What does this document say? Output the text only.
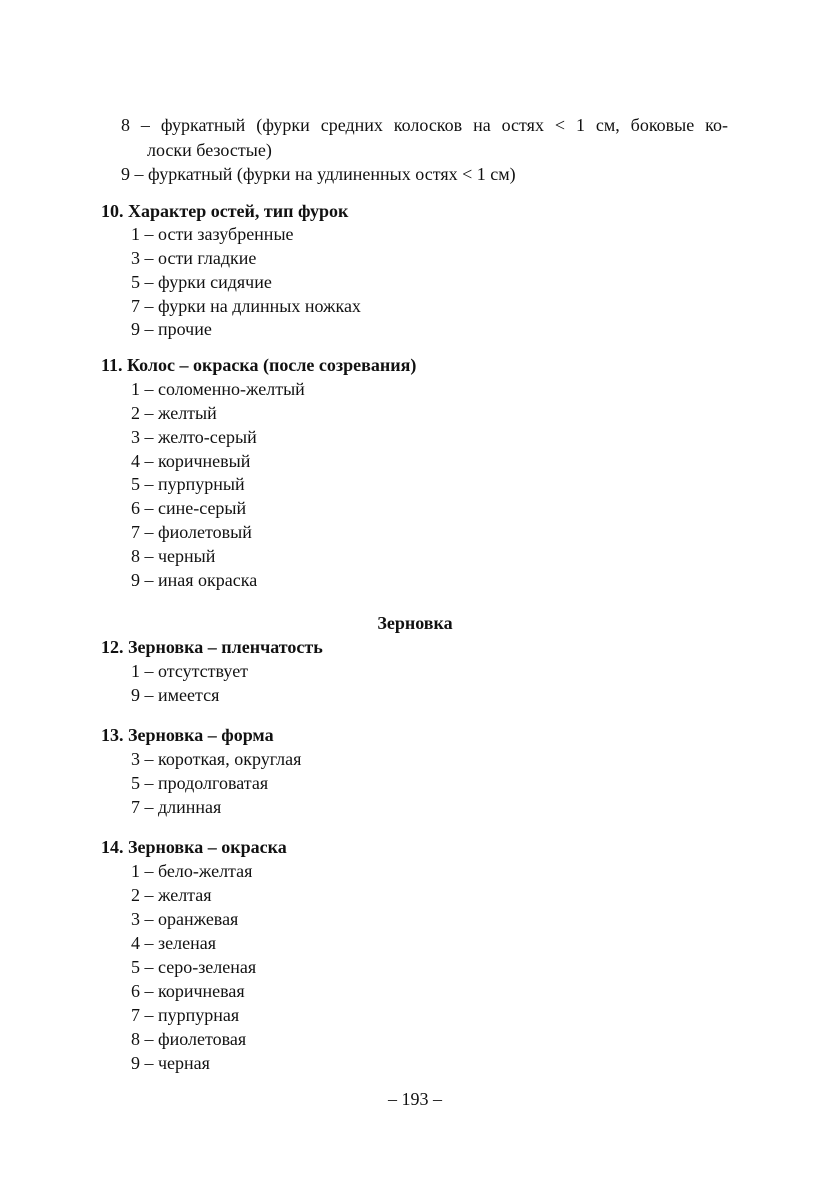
8 – фуркатный (фурки средних колосков на остях < 1 см, боковые ко-
лоски безостые)
9 – фуркатный (фурки на удлиненных остях < 1 см)
10. Характер остей, тип фурок
1 – ости зазубренные
3 – ости гладкие
5 – фурки сидячие
7 – фурки на длинных ножках
9 – прочие
11. Колос – окраска (после созревания)
1 – соломенно-желтый
2 – желтый
3 – желто-серый
4 – коричневый
5 – пурпурный
6 – сине-серый
7 – фиолетовый
8 – черный
9 – иная окраска
Зерновка
12. Зерновка – пленчатость
1 – отсутствует
9 – имеется
13. Зерновка – форма
3 – короткая, округлая
5 – продолговатая
7 – длинная
14. Зерновка – окраска
1 – бело-желтая
2 – желтая
3 – оранжевая
4 – зеленая
5 – серо-зеленая
6 – коричневая
7 – пурпурная
8 – фиолетовая
9 – черная
– 193 –
